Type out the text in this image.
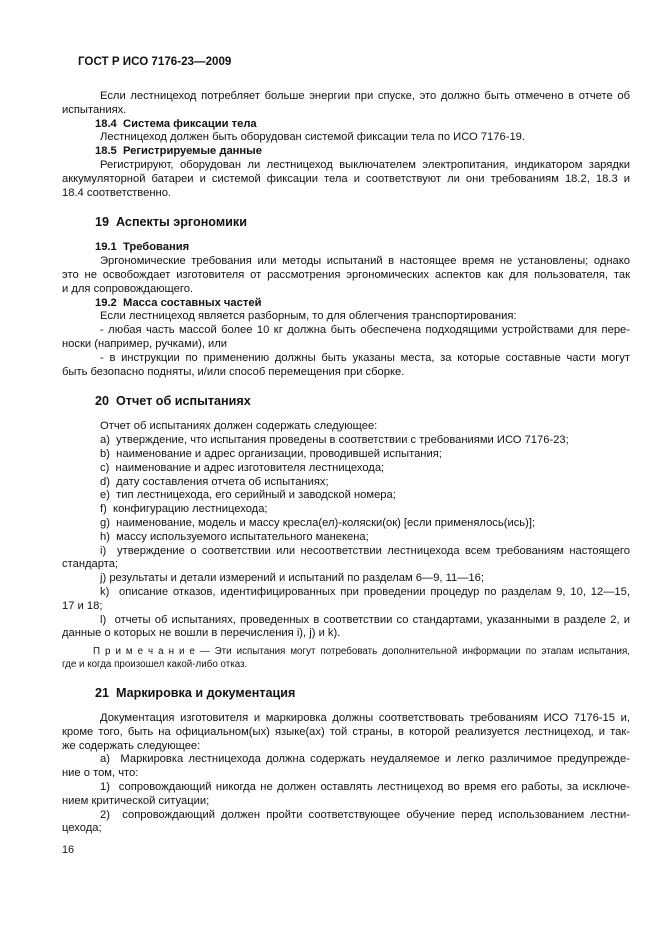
ГОСТ Р ИСО 7176-23—2009
Если лестницеход потребляет больше энергии при спуске, это должно быть отмечено в отчете об
испытаниях.
18.4  Система фиксации тела
Лестницеход должен быть оборудован системой фиксации тела по ИСО 7176-19.
18.5  Регистрируемые данные
Регистрируют, оборудован ли лестницеход выключателем электропитания, индикатором зарядки
аккумуляторной батареи и системой фиксации тела и соответствуют ли они требованиям 18.2, 18.3 и
18.4 соответственно.
19  Аспекты эргономики
19.1  Требования
Эргономические требования или методы испытаний в настоящее время не установлены; однако
это не освобождает изготовителя от рассмотрения эргономических аспектов как для пользователя, так
и для сопровождающего.
19.2  Масса составных частей
Если лестницеход является разборным, то для облегчения транспортирования:
- любая часть массой более 10 кг должна быть обеспечена подходящими устройствами для пере-
носки (например, ручками), или
- в инструкции по применению должны быть указаны места, за которые составные части могут
быть безопасно подняты, и/или способ перемещения при сборке.
20  Отчет об испытаниях
Отчет об испытаниях должен содержать следующее:
a)  утверждение, что испытания проведены в соответствии с требованиями ИСО 7176-23;
b)  наименование и адрес организации, проводившей испытания;
c)  наименование и адрес изготовителя лестницехода;
d)  дату составления отчета об испытаниях;
e)  тип лестницехода, его серийный и заводской номера;
f)  конфигурацию лестницехода;
g)  наименование, модель и массу кресла(ел)-коляски(ок) [если применялось(ись)];
h)  массу используемого испытательного манекена;
i)  утверждение о соответствии или несоответствии лестницехода всем требованиям настоящего
стандарта;
j) результаты и детали измерений и испытаний по разделам 6—9, 11—16;
k)  описание отказов, идентифицированных при проведении процедур по разделам 9, 10, 12—15,
17 и 18;
l)  отчеты об испытаниях, проведенных в соответствии со стандартами, указанными в разделе 2, и
данные о которых не вошли в перечисления i), j) и k).
П р и м е ч а н и е — Эти испытания могут потребовать дополнительной информации по этапам испытания,
где и когда произошел какой-либо отказ.
21  Маркировка и документация
Документация изготовителя и маркировка должны соответствовать требованиям ИСО 7176-15 и,
кроме того, быть на официальном(ых) языке(ах) той страны, в которой реализуется лестницеход, и так-
же содержать следующее:
а)  Маркировка лестницехода должна содержать неудаляемое и легко различимое предупрежде-
ние о том, что:
1)  сопровождающий никогда не должен оставлять лестницеход во время его работы, за исключе-
нием критической ситуации;
2)  сопровождающий должен пройти соответствующее обучение перед использованием лестни-
цехода;
16
